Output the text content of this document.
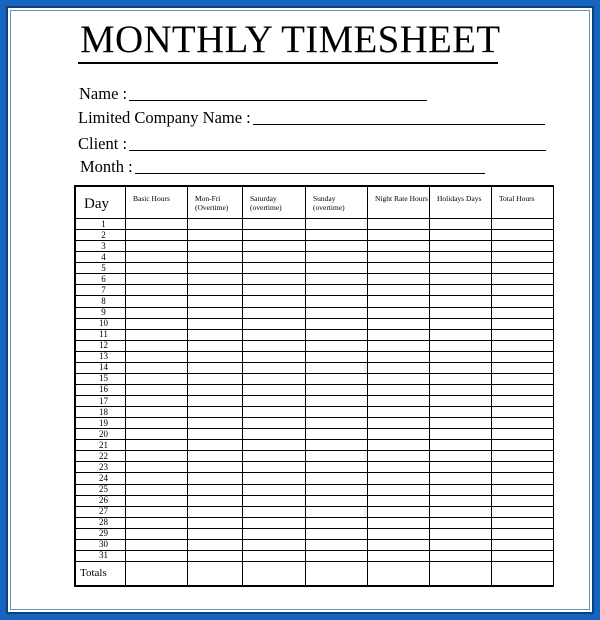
MONTHLY TIMESHEET
Name :
Limited Company Name :
Client :
Month :
Day	Basic Hours	Mon-Fri (Overtime)	Saturday (overtime)	Sunday (overtime)	Night Rate Hours	Holidays Days	Total Hours
1							
2							
3							
4							
5							
6							
7							
8							
9							
10							
11							
12							
13							
14							
15							
16							
17							
18							
19							
20							
21							
22							
23							
24							
25							
26							
27							
28							
29							
30							
31							
Totals							
